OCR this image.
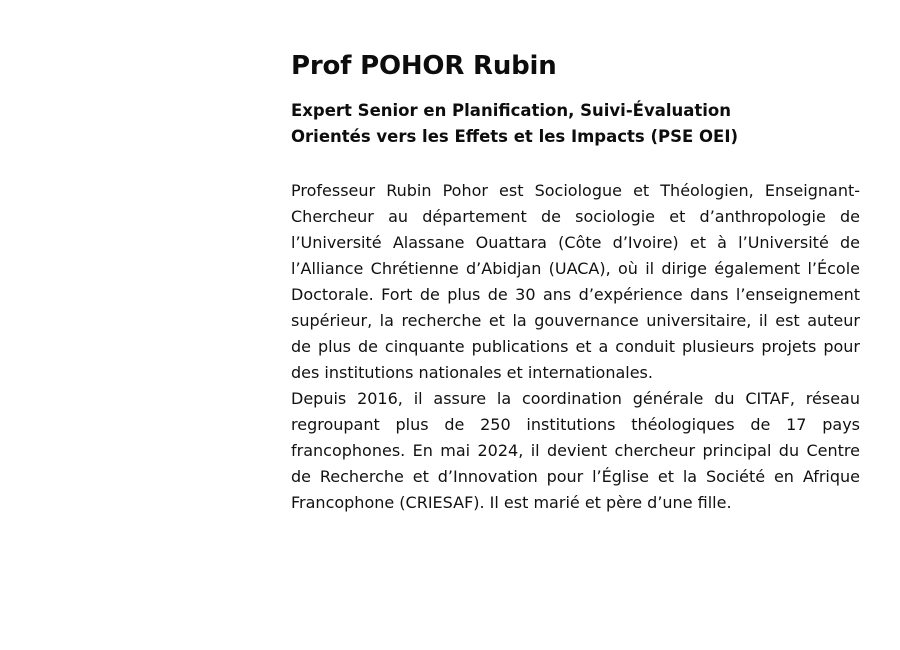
Prof POHOR Rubin
Expert Senior en Planification, Suivi-Évaluation
Orientés vers les Effets et les Impacts (PSE OEI)

Professeur Rubin Pohor est Sociologue et Théologien, Enseignant-Chercheur au département de sociologie et d’anthropologie de l’Université Alassane Ouattara (Côte d’Ivoire) et à l’Université de l’Alliance Chrétienne d’Abidjan (UACA), où il dirige également l’École Doctorale. Fort de plus de 30 ans d’expérience dans l’enseignement supérieur, la recherche et la gouvernance universitaire, il est auteur de plus de cinquante publications et a conduit plusieurs projets pour des institutions nationales et internationales.

Depuis 2016, il assure la coordination générale du CITAF, réseau regroupant plus de 250 institutions théologiques de 17 pays francophones. En mai 2024, il devient chercheur principal du Centre de Recherche et d’Innovation pour l’Église et la Société en Afrique Francophone (CRIESAF). Il est marié et père d’une fille.
